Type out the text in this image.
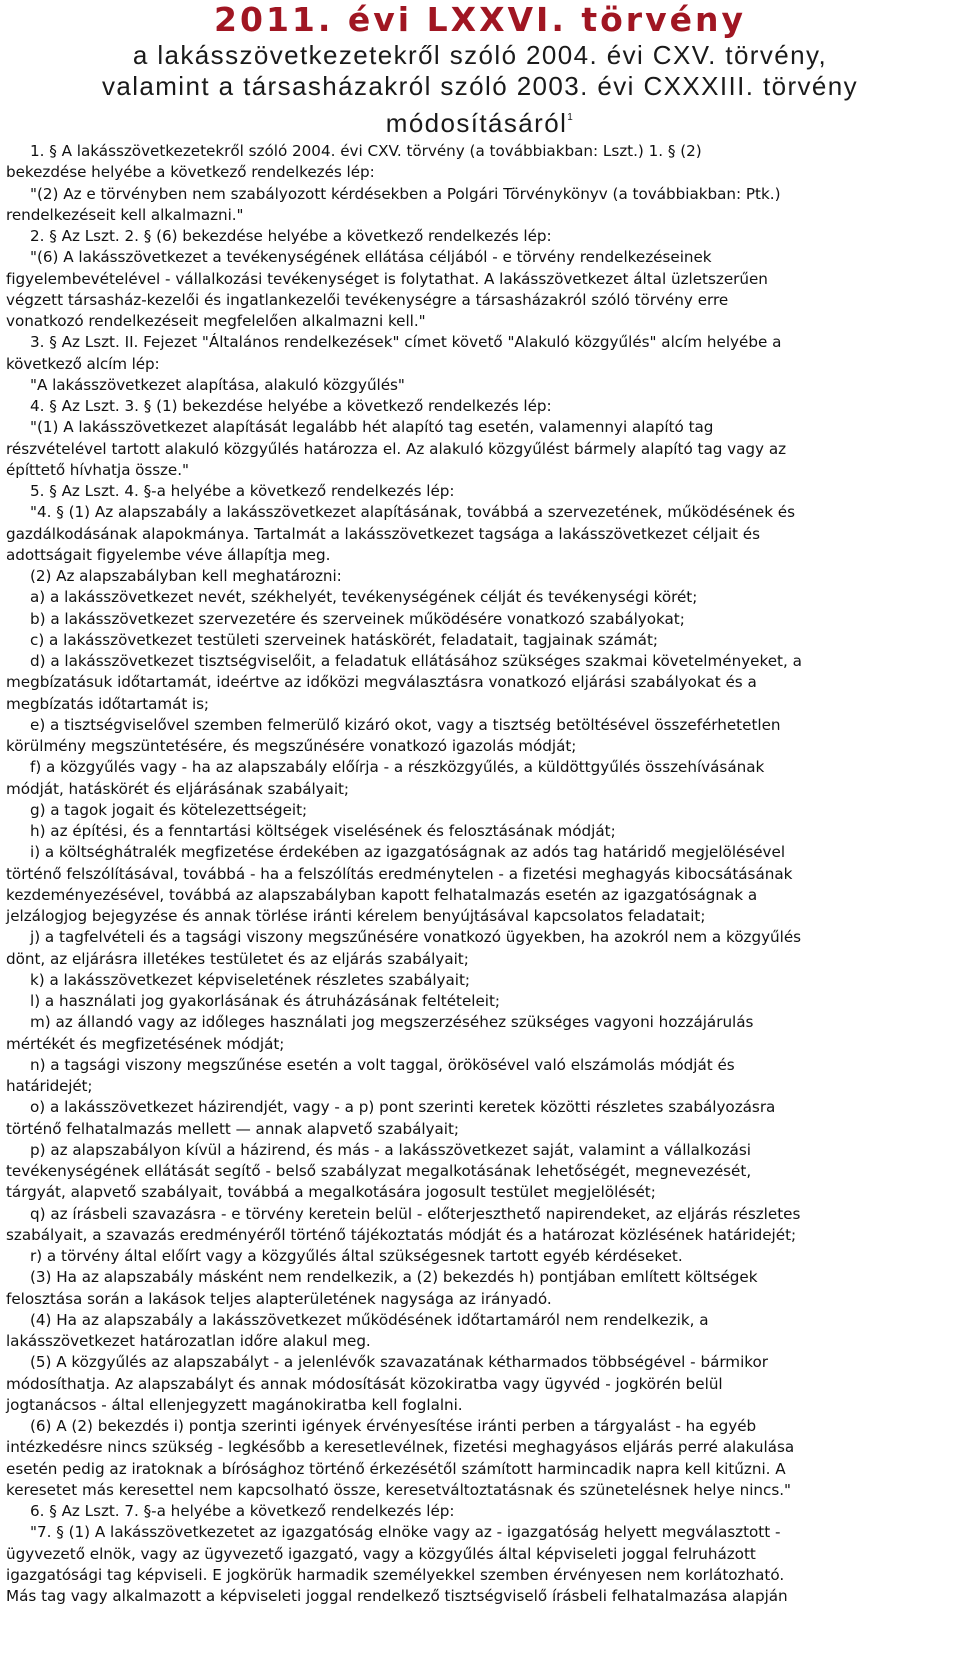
2011. évi LXXVI. törvény
a lakásszövetkezetekről szóló 2004. évi CXV. törvény,
valamint a társasházakról szóló 2003. évi CXXXIII. törvény
módosításáról$^1$
1. § A lakásszövetkezetekről szóló 2004. évi CXV. törvény (a továbbiakban: Lszt.) 1. § (2)
bekezdése helyébe a következő rendelkezés lép:
"(2) Az e törvényben nem szabályozott kérdésekben a Polgári Törvénykönyv (a továbbiakban: Ptk.)
rendelkezéseit kell alkalmazni."
2. § Az Lszt. 2. § (6) bekezdése helyébe a következő rendelkezés lép:
"(6) A lakásszövetkezet a tevékenységének ellátása céljából - e törvény rendelkezéseinek
figyelembevételével - vállalkozási tevékenységet is folytathat. A lakásszövetkezet által üzletszerűen
végzett társasház-kezelői és ingatlankezelői tevékenységre a társasházakról szóló törvény erre
vonatkozó rendelkezéseit megfelelően alkalmazni kell."
3. § Az Lszt. II. Fejezet "Általános rendelkezések" címet követő "Alakuló közgyűlés" alcím helyébe a
következő alcím lép:
"A lakásszövetkezet alapítása, alakuló közgyűlés"
4. § Az Lszt. 3. § (1) bekezdése helyébe a következő rendelkezés lép:
"(1) A lakásszövetkezet alapítását legalább hét alapító tag esetén, valamennyi alapító tag
részvételével tartott alakuló közgyűlés határozza el. Az alakuló közgyűlést bármely alapító tag vagy az
építtető hívhatja össze."
5. § Az Lszt. 4. §-a helyébe a következő rendelkezés lép:
"4. § (1) Az alapszabály a lakásszövetkezet alapításának, továbbá a szervezetének, működésének és
gazdálkodásának alapokmánya. Tartalmát a lakásszövetkezet tagsága a lakásszövetkezet céljait és
adottságait figyelembe véve állapítja meg.
(2) Az alapszabályban kell meghatározni:
a) a lakásszövetkezet nevét, székhelyét, tevékenységének célját és tevékenységi körét;
b) a lakásszövetkezet szervezetére és szerveinek működésére vonatkozó szabályokat;
c) a lakásszövetkezet testületi szerveinek hatáskörét, feladatait, tagjainak számát;
d) a lakásszövetkezet tisztségviselőit, a feladatuk ellátásához szükséges szakmai követelményeket, a
megbízatásuk időtartamát, ideértve az időközi megválasztásra vonatkozó eljárási szabályokat és a
megbízatás időtartamát is;
e) a tisztségviselővel szemben felmerülő kizáró okot, vagy a tisztség betöltésével összeférhetetlen
körülmény megszüntetésére, és megszűnésére vonatkozó igazolás módját;
f) a közgyűlés vagy - ha az alapszabály előírja - a részközgyűlés, a küldöttgyűlés összehívásának
módját, hatáskörét és eljárásának szabályait;
g) a tagok jogait és kötelezettségeit;
h) az építési, és a fenntartási költségek viselésének és felosztásának módját;
i) a költséghátralék megfizetése érdekében az igazgatóságnak az adós tag határidő megjelölésével
történő felszólításával, továbbá - ha a felszólítás eredménytelen - a fizetési meghagyás kibocsátásának
kezdeményezésével, továbbá az alapszabályban kapott felhatalmazás esetén az igazgatóságnak a
jelzálogjog bejegyzése és annak törlése iránti kérelem benyújtásával kapcsolatos feladatait;
j) a tagfelvételi és a tagsági viszony megszűnésére vonatkozó ügyekben, ha azokról nem a közgyűlés
dönt, az eljárásra illetékes testületet és az eljárás szabályait;
k) a lakásszövetkezet képviseletének részletes szabályait;
l) a használati jog gyakorlásának és átruházásának feltételeit;
m) az állandó vagy az időleges használati jog megszerzéséhez szükséges vagyoni hozzájárulás
mértékét és megfizetésének módját;
n) a tagsági viszony megszűnése esetén a volt taggal, örökösével való elszámolás módját és
határidejét;
o) a lakásszövetkezet házirendjét, vagy - a p) pont szerinti keretek közötti részletes szabályozásra
történő felhatalmazás mellett — annak alapvető szabályait;
p) az alapszabályon kívül a házirend, és más - a lakásszövetkezet saját, valamint a vállalkozási
tevékenységének ellátását segítő - belső szabályzat megalkotásának lehetőségét, megnevezését,
tárgyát, alapvető szabályait, továbbá a megalkotására jogosult testület megjelölését;
q) az írásbeli szavazásra - e törvény keretein belül - előterjeszthető napirendeket, az eljárás részletes
szabályait, a szavazás eredményéről történő tájékoztatás módját és a határozat közlésének határidejét;
r) a törvény által előírt vagy a közgyűlés által szükségesnek tartott egyéb kérdéseket.
(3) Ha az alapszabály másként nem rendelkezik, a (2) bekezdés h) pontjában említett költségek
felosztása során a lakások teljes alapterületének nagysága az irányadó.
(4) Ha az alapszabály a lakásszövetkezet működésének időtartamáról nem rendelkezik, a
lakásszövetkezet határozatlan időre alakul meg.
(5) A közgyűlés az alapszabályt - a jelenlévők szavazatának kétharmados többségével - bármikor
módosíthatja. Az alapszabályt és annak módosítását közokiratba vagy ügyvéd - jogkörén belül
jogtanácsos - által ellenjegyzett magánokiratba kell foglalni.
(6) A (2) bekezdés i) pontja szerinti igények érvényesítése iránti perben a tárgyalást - ha egyéb
intézkedésre nincs szükség - legkésőbb a keresetlevélnek, fizetési meghagyásos eljárás perré alakulása
esetén pedig az iratoknak a bírósághoz történő érkezésétől számított harmincadik napra kell kitűzni. A
keresetet más keresettel nem kapcsolható össze, keresetváltoztatásnak és szünetelésnek helye nincs."
6. § Az Lszt. 7. §-a helyébe a következő rendelkezés lép:
"7. § (1) A lakásszövetkezetet az igazgatóság elnöke vagy az - igazgatóság helyett megválasztott -
ügyvezető elnök, vagy az ügyvezető igazgató, vagy a közgyűlés által képviseleti joggal felruházott
igazgatósági tag képviseli. E jogkörük harmadik személyekkel szemben érvényesen nem korlátozható.
Más tag vagy alkalmazott a képviseleti joggal rendelkező tisztségviselő írásbeli felhatalmazása alapján
